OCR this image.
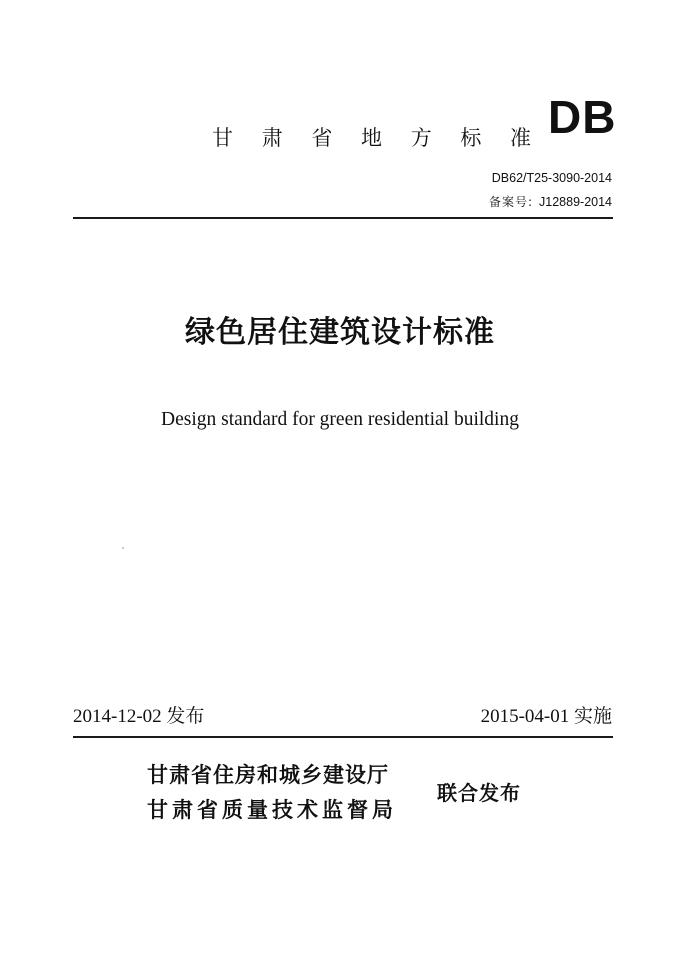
DB
甘 肃 省 地 方 标 准
DB62/T25-3090-2014
备案号: J12889-2014
绿色居住建筑设计标准
Design standard for green residential building
2014-12-02 发布	2015-04-01 实施
甘肃省住房和城乡建设厅
甘肃省质量技术监督局
联合发布
